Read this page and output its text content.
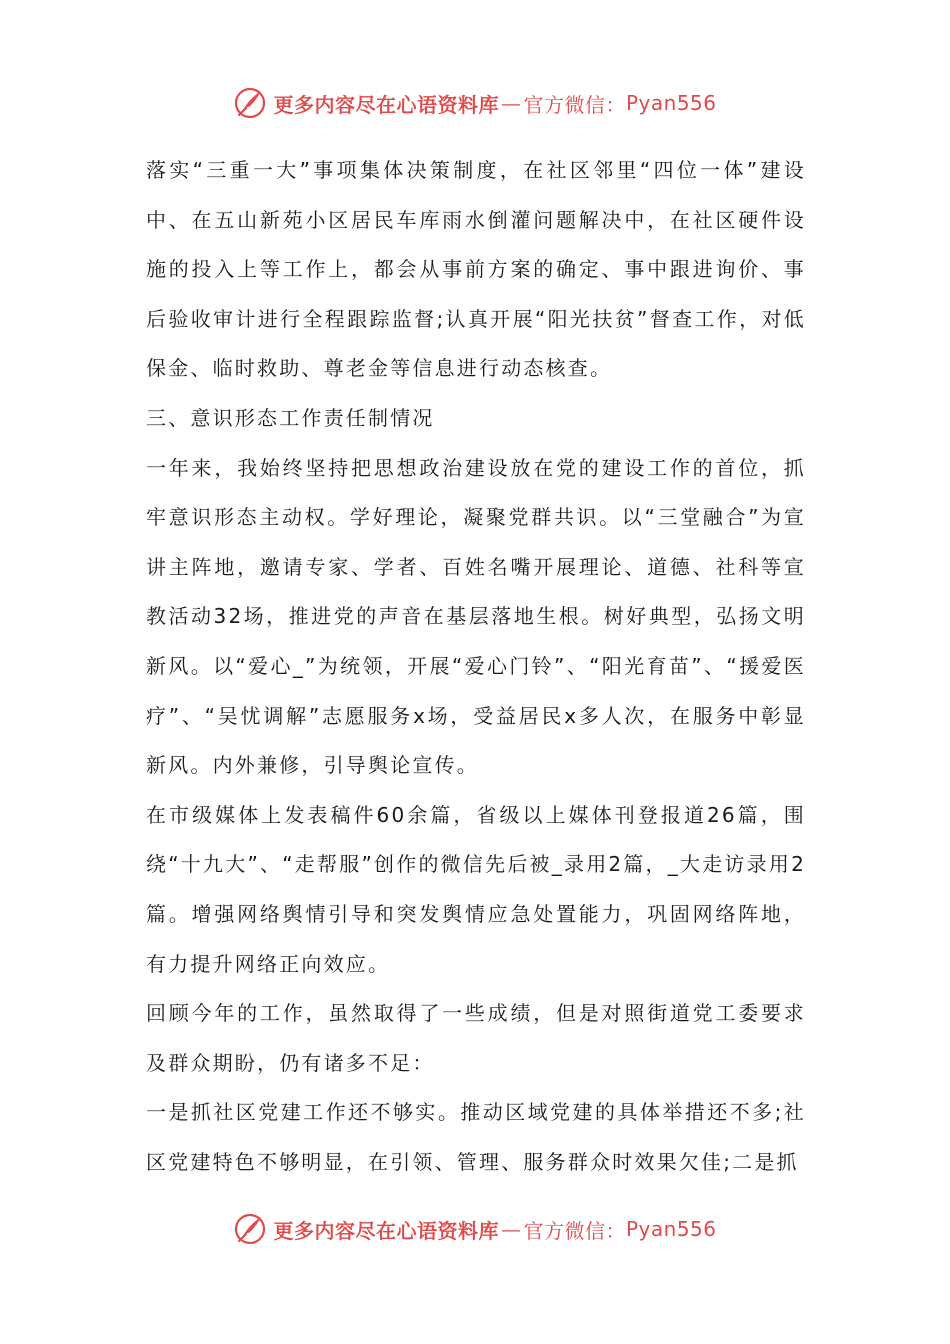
更多内容尽在心语资料库 — 官方微信： Pyan556

落实“三重一大”事项集体决策制度，在社区邻里“四位一体”建设中、在五山新苑小区居民车库雨水倒灌问题解决中，在社区硬件设施的投入上等工作上，都会从事前方案的确定、事中跟进询价、事后验收审计进行全程跟踪监督;认真开展“阳光扶贫”督查工作，对低保金、临时救助、尊老金等信息进行动态核查。

三、意识形态工作责任制情况

一年来，我始终坚持把思想政治建设放在党的建设工作的首位，抓牢意识形态主动权。学好理论，凝聚党群共识。以“三堂融合”为宣讲主阵地，邀请专家、学者、百姓名嘴开展理论、道德、社科等宣教活动32场，推进党的声音在基层落地生根。树好典型，弘扬文明新风。以“爱心_”为统领，开展“爱心门铃”、“阳光育苗”、“援爱医疗”、“吴忧调解”志愿服务x场，受益居民x多人次，在服务中彰显新风。内外兼修，引导舆论宣传。

在市级媒体上发表稿件60余篇，省级以上媒体刊登报道26篇，围绕“十九大”、“走帮服”创作的微信先后被_录用2篇，_大走访录用2篇。增强网络舆情引导和突发舆情应急处置能力，巩固网络阵地，有力提升网络正向效应。

回顾今年的工作，虽然取得了一些成绩，但是对照街道党工委要求及群众期盼，仍有诸多不足：

一是抓社区党建工作还不够实。推动区域党建的具体举措还不多;社区党建特色不够明显，在引领、管理、服务群众时效果欠佳;二是抓

更多内容尽在心语资料库 — 官方微信： Pyan556
